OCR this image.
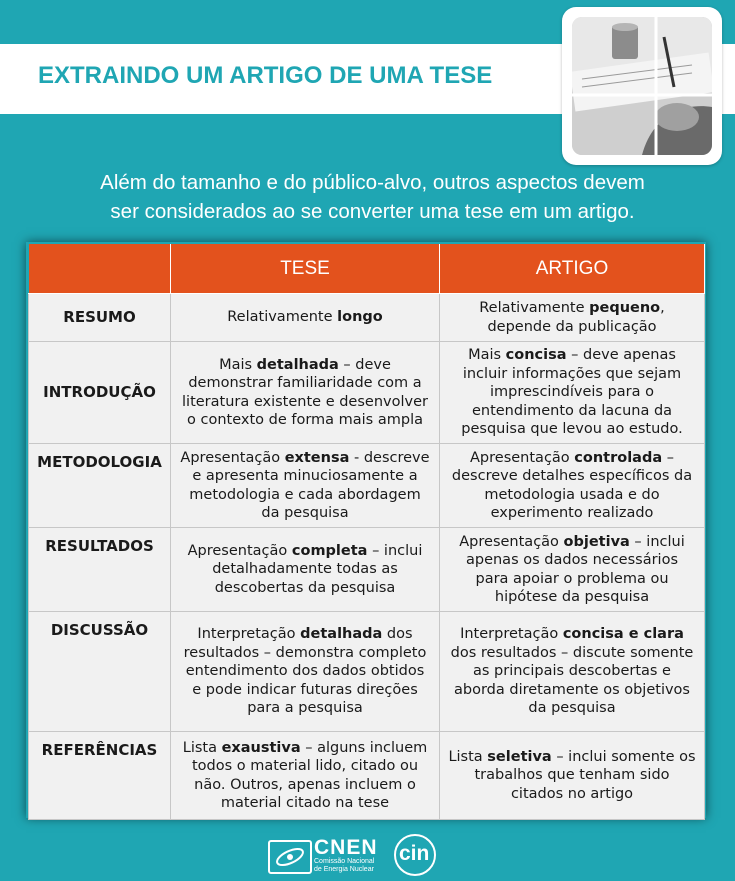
EXTRAINDO UM ARTIGO DE UMA TESE
Além do tamanho e do público-alvo, outros aspectos devem
ser considerados ao se converter uma tese em um artigo.
	TESE	ARTIGO
RESUMO	Relativamente longo	Relativamente pequeno, depende da publicação
INTRODUÇÃO	Mais detalhada – deve demonstrar familiaridade com a literatura existente e desenvolver o contexto de forma mais ampla	Mais concisa – deve apenas incluir informações que sejam imprescindíveis para o entendimento da lacuna da pesquisa que levou ao estudo.
METODOLOGIA	Apresentação extensa - descreve e apresenta minuciosamente a metodologia e cada abordagem da pesquisa	Apresentação controlada – descreve detalhes específicos da metodologia usada e do experimento realizado
RESULTADOS	Apresentação completa – inclui detalhadamente todas as descobertas da pesquisa	Apresentação objetiva – inclui apenas os dados necessários para apoiar o problema ou hipótese da pesquisa
DISCUSSÃO	Interpretação detalhada dos resultados – demonstra completo entendimento dos dados obtidos e pode indicar futuras direções para a pesquisa	Interpretação concisa e clara dos resultados – discute somente as principais descobertas e aborda diretamente os objetivos da pesquisa
REFERÊNCIAS	Lista exaustiva – alguns incluem todos o material lido, citado ou não. Outros, apenas incluem o material citado na tese	Lista seletiva – inclui somente os trabalhos que tenham sido citados no artigo
CNEN
Comissão Nacional
de Energia Nuclear
cin
